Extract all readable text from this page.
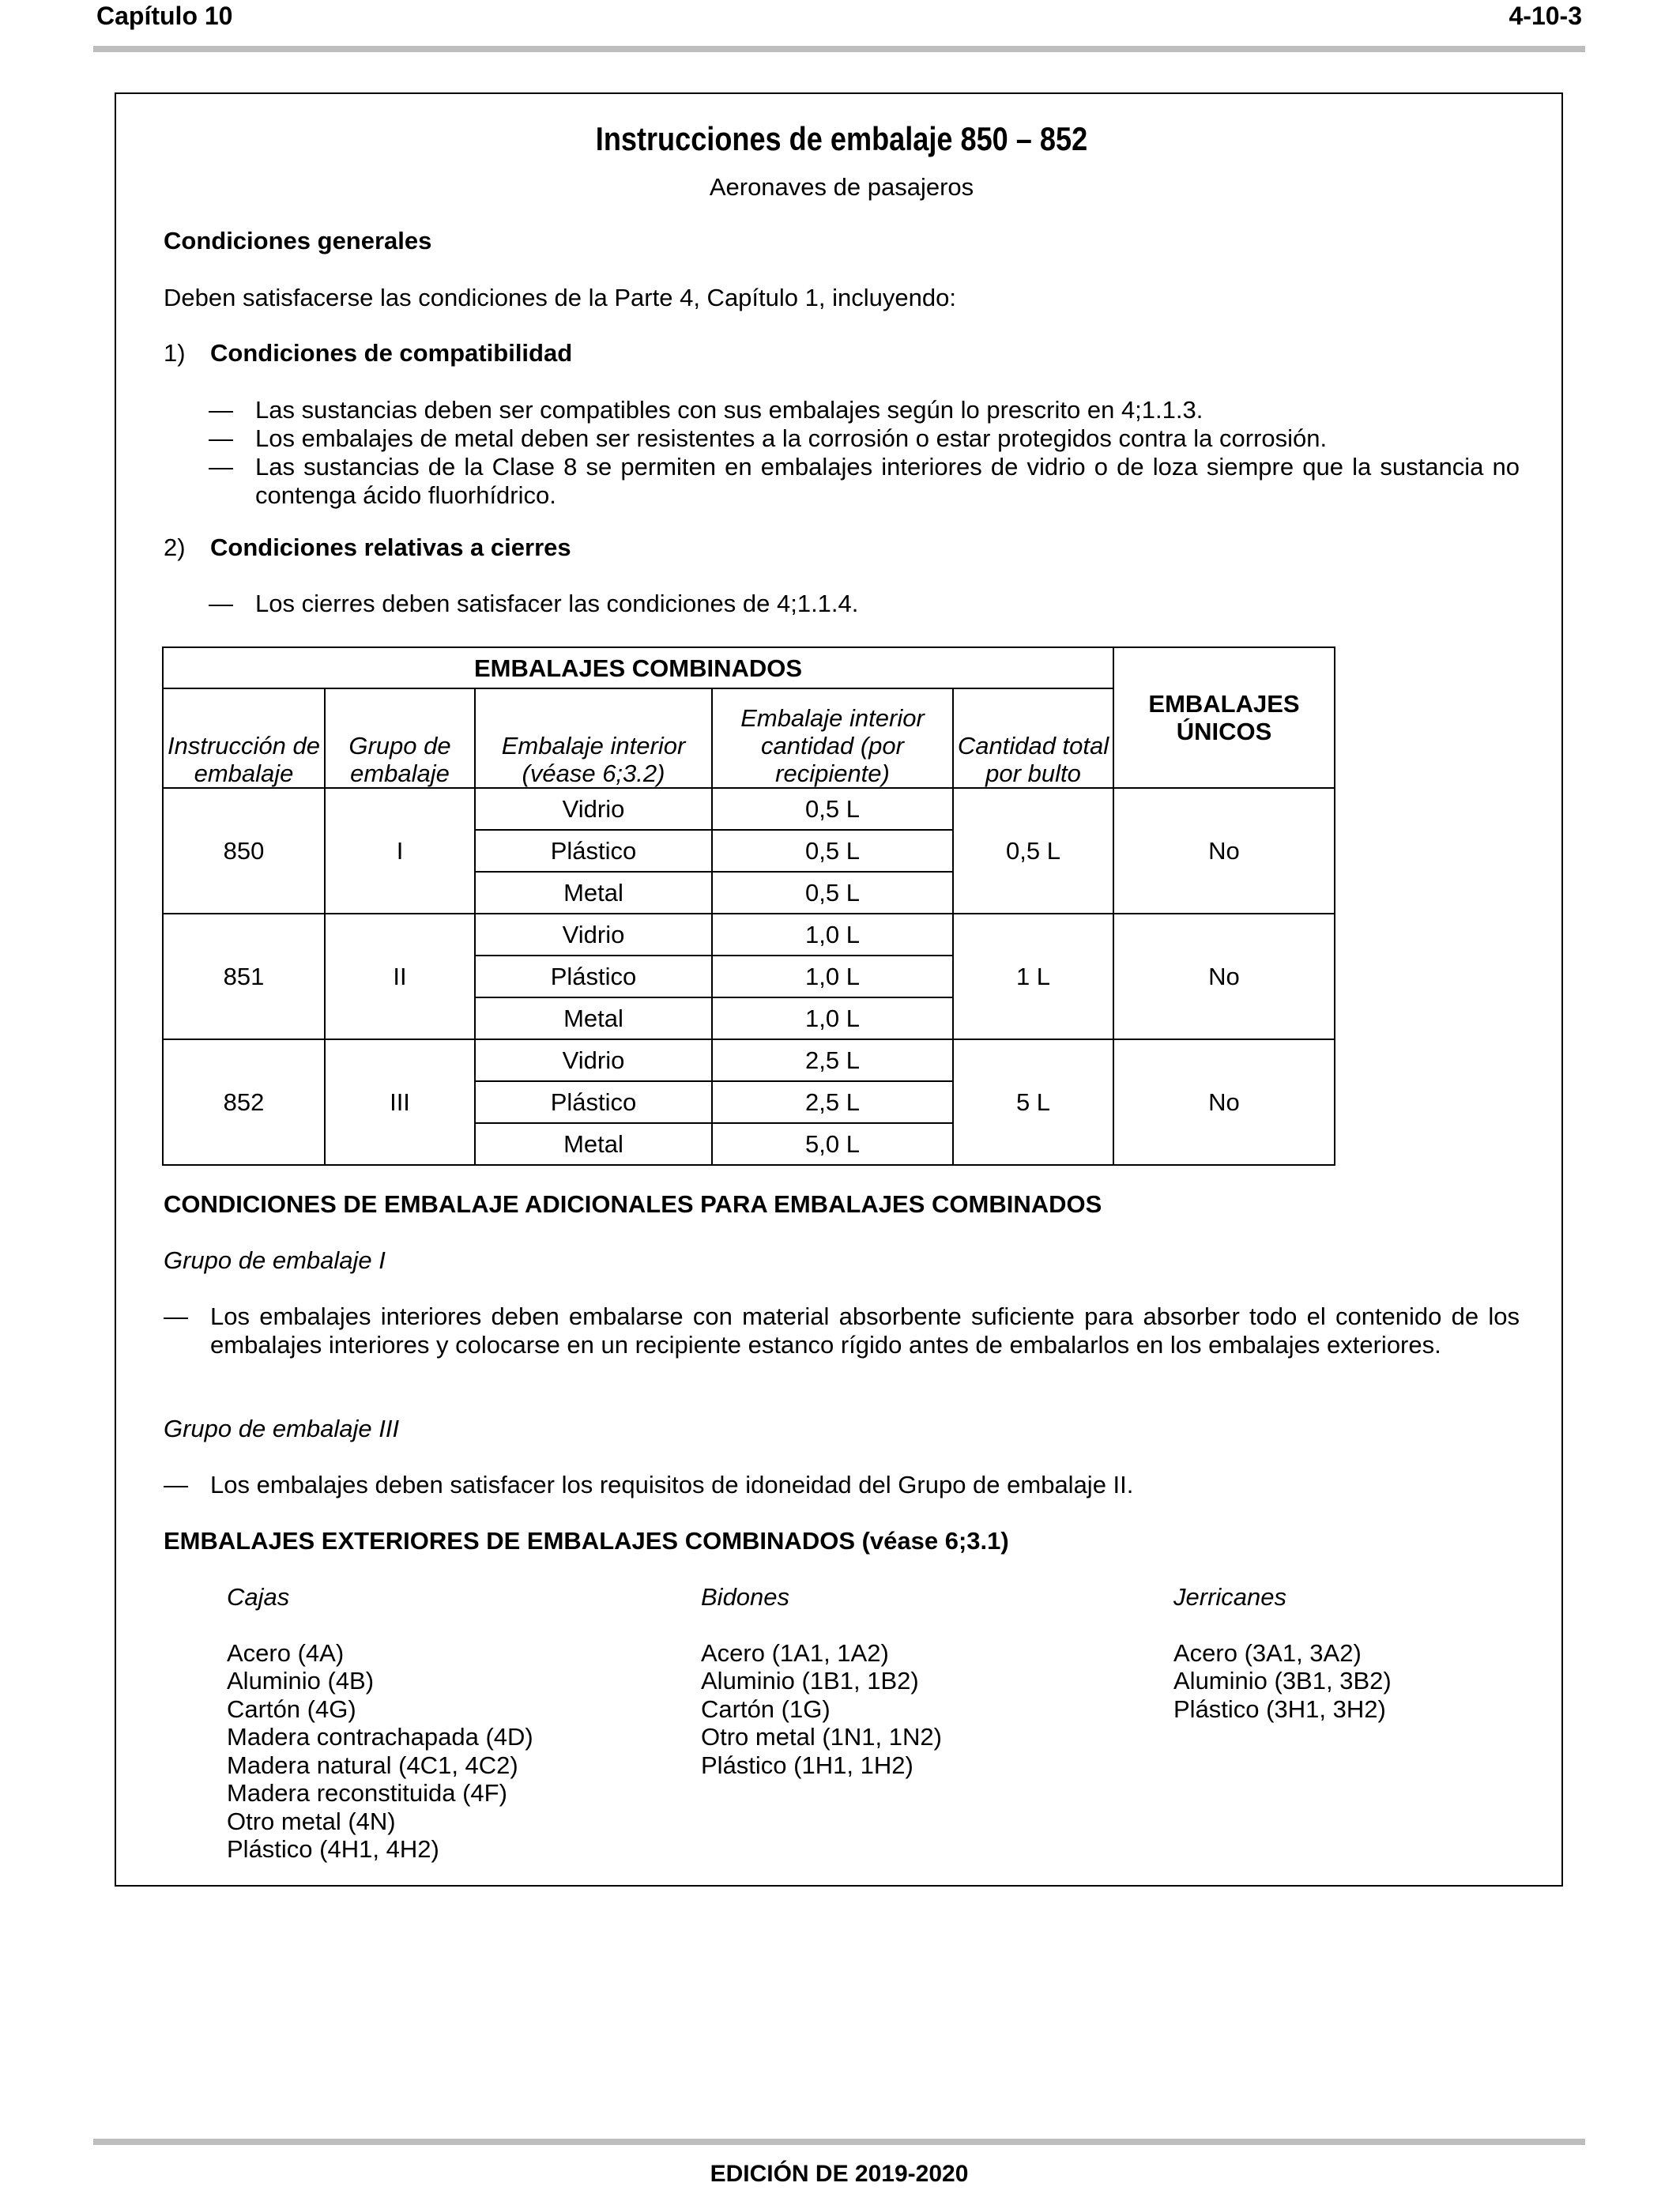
Capítulo 10	4-10-3
Instrucciones de embalaje 850 – 852
Aeronaves de pasajeros
Condiciones generales
Deben satisfacerse las condiciones de la Parte 4, Capítulo 1, incluyendo:
1) Condiciones de compatibilidad
— Las sustancias deben ser compatibles con sus embalajes según lo prescrito en 4;1.1.3.
— Los embalajes de metal deben ser resistentes a la corrosión o estar protegidos contra la corrosión.
— Las sustancias de la Clase 8 se permiten en embalajes interiores de vidrio o de loza siempre que la sustancia no contenga ácido fluorhídrico.
2) Condiciones relativas a cierres
— Los cierres deben satisfacer las condiciones de 4;1.1.4.
CONDICIONES DE EMBALAJE ADICIONALES PARA EMBALAJES COMBINADOS
Grupo de embalaje I
— Los embalajes interiores deben embalarse con material absorbente suficiente para absorber todo el contenido de los embalajes interiores y colocarse en un recipiente estanco rígido antes de embalarlos en los embalajes exteriores.
Grupo de embalaje III
— Los embalajes deben satisfacer los requisitos de idoneidad del Grupo de embalaje II.
EMBALAJES EXTERIORES DE EMBALAJES COMBINADOS (véase 6;3.1)
Cajas
Acero (4A)
Aluminio (4B)
Cartón (4G)
Madera contrachapada (4D)
Madera natural (4C1, 4C2)
Madera reconstituida (4F)
Otro metal (4N)
Plástico (4H1, 4H2)
Bidones
Acero (1A1, 1A2)
Aluminio (1B1, 1B2)
Cartón (1G)
Otro metal (1N1, 1N2)
Plástico (1H1, 1H2)
Jerricanes
Acero (3A1, 3A2)
Aluminio (3B1, 3B2)
Plástico (3H1, 3H2)
EMBALAJES COMBINADOS					EMBALAJES ÚNICOS
Instrucción de embalaje	Grupo de embalaje	Embalaje interior (véase 6;3.2)	Embalaje interior cantidad (por recipiente)	Cantidad total por bulto	
850	I	Vidrio	0,5 L	0,5 L	No
		Plástico	0,5 L		
		Metal	0,5 L		
851	II	Vidrio	1,0 L	1 L	No
		Plástico	1,0 L		
		Metal	1,0 L		
852	III	Vidrio	2,5 L	5 L	No
		Plástico	2,5 L		
		Metal	5,0 L		
EDICIÓN DE 2019-2020
